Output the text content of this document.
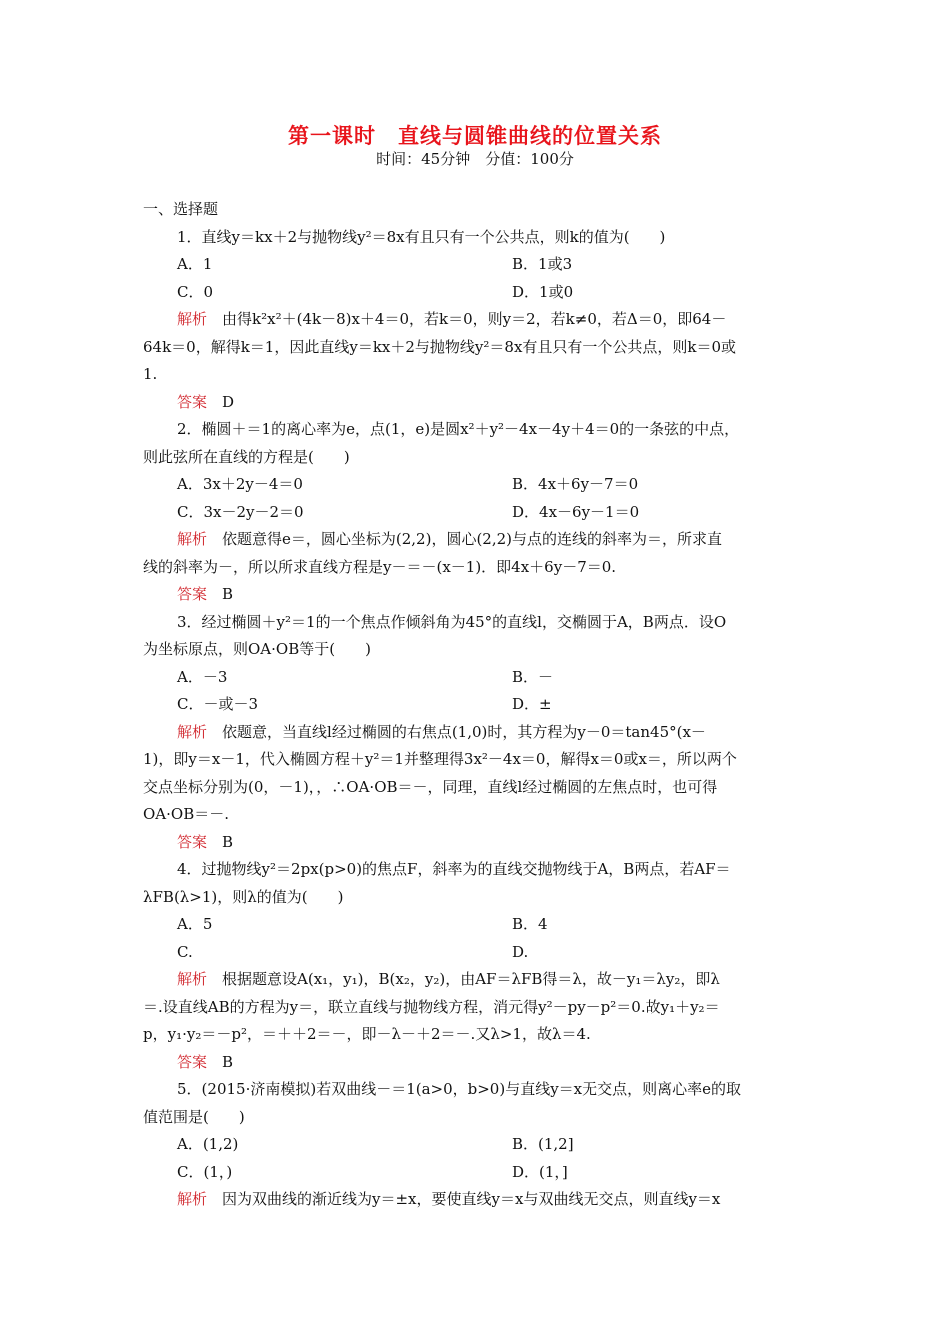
第一课时　直线与圆锥曲线的位置关系
时间：45分钟　分值：100分
一、选择题
1．直线y＝kx＋2与抛物线y²＝8x有且只有一个公共点，则k的值为(　　)
A．1	B．1或3
C．0	D．1或0
解析　由得k²x²＋(4k－8)x＋4＝0，若k＝0，则y＝2，若k≠0，若Δ＝0，即64－
64k＝0，解得k＝1，因此直线y＝kx＋2与抛物线y²＝8x有且只有一个公共点，则k＝0或
1.
答案　D
2．椭圆＋＝1的离心率为e，点(1，e)是圆x²＋y²－4x－4y＋4＝0的一条弦的中点，
则此弦所在直线的方程是(　　)
A．3x＋2y－4＝0	B．4x＋6y－7＝0
C．3x－2y－2＝0	D．4x－6y－1＝0
解析　依题意得e＝，圆心坐标为(2,2)，圆心(2,2)与点的连线的斜率为＝，所求直
线的斜率为－，所以所求直线方程是y－＝－(x－1)．即4x＋6y－7＝0.
答案　B
3．经过椭圆＋y²＝1的一个焦点作倾斜角为45°的直线l，交椭圆于A，B两点．设O
为坐标原点，则OA·OB等于(　　)
A．－3	B．－
C．－或－3	D．±
解析　依题意，当直线l经过椭圆的右焦点(1,0)时，其方程为y－0＝tan45°(x－
1)，即y＝x－1，代入椭圆方程＋y²＝1并整理得3x²－4x＝0，解得x＝0或x＝，所以两个
交点坐标分别为(0，－1)，，∴OA·OB＝－，同理，直线l经过椭圆的左焦点时，也可得
OA·OB＝－.
答案　B
4．过抛物线y²＝2px(p>0)的焦点F，斜率为的直线交抛物线于A，B两点，若AF＝
λFB(λ>1)，则λ的值为(　　)
A．5	B．4
C.	D.
解析　根据题意设A(x₁，y₁)，B(x₂，y₂)，由AF＝λFB得＝λ，故－y₁＝λy₂，即λ
＝.设直线AB的方程为y＝，联立直线与抛物线方程，消元得y²－py－p²＝0.故y₁＋y₂＝
p，y₁·y₂＝－p²，＝＋＋2＝－，即－λ－＋2＝－.又λ>1，故λ＝4.
答案　B
5．(2015·济南模拟)若双曲线－＝1(a>0，b>0)与直线y＝x无交点，则离心率e的取
值范围是(　　)
A．(1,2)	B．(1,2]
C．(1，)	D．(1，]
解析　因为双曲线的渐近线为y＝±x，要使直线y＝x与双曲线无交点，则直线y＝x
